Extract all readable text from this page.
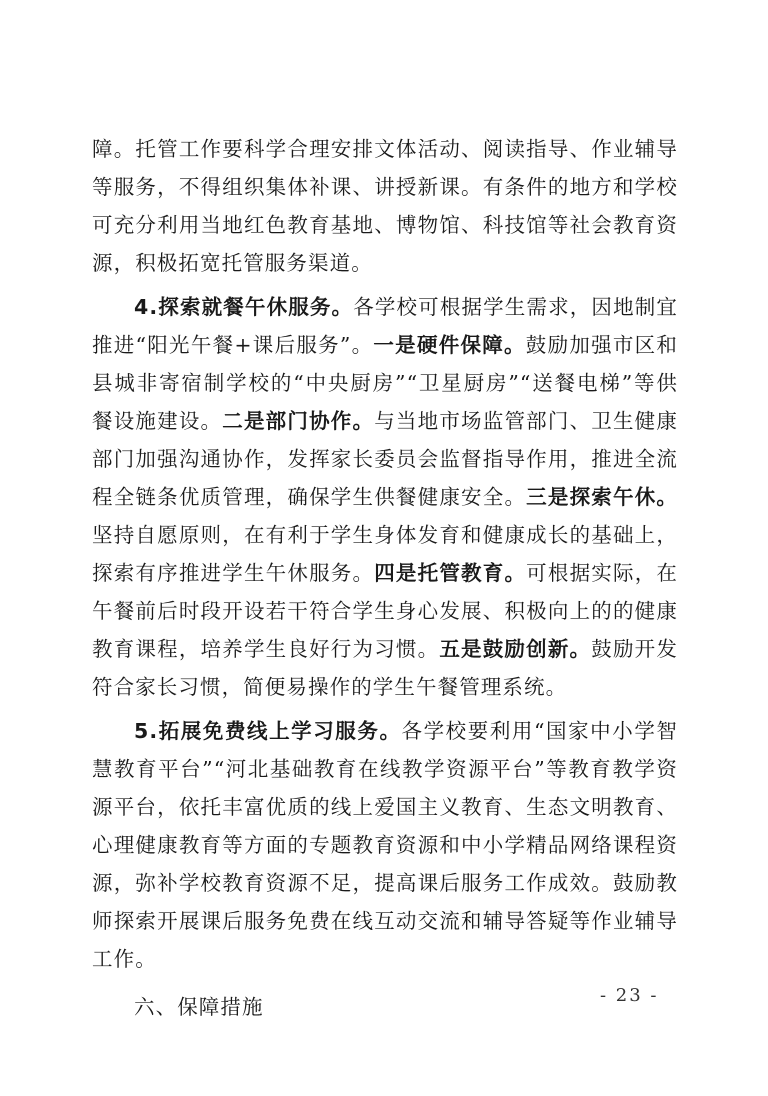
障。托管工作要科学合理安排文体活动、阅读指导、作业辅导等服务，不得组织集体补课、讲授新课。有条件的地方和学校可充分利用当地红色教育基地、博物馆、科技馆等社会教育资源，积极拓宽托管服务渠道。

4.探索就餐午休服务。各学校可根据学生需求，因地制宜推进“阳光午餐+课后服务”。一是硬件保障。鼓励加强市区和县城非寄宿制学校的“中央厨房”“卫星厨房”“送餐电梯”等供餐设施建设。二是部门协作。与当地市场监管部门、卫生健康部门加强沟通协作，发挥家长委员会监督指导作用，推进全流程全链条优质管理，确保学生供餐健康安全。三是探索午休。坚持自愿原则，在有利于学生身体发育和健康成长的基础上，探索有序推进学生午休服务。四是托管教育。可根据实际，在午餐前后时段开设若干符合学生身心发展、积极向上的的健康教育课程，培养学生良好行为习惯。五是鼓励创新。鼓励开发符合家长习惯，简便易操作的学生午餐管理系统。

5.拓展免费线上学习服务。各学校要利用“国家中小学智慧教育平台”“河北基础教育在线教学资源平台”等教育教学资源平台，依托丰富优质的线上爱国主义教育、生态文明教育、心理健康教育等方面的专题教育资源和中小学精品网络课程资源，弥补学校教育资源不足，提高课后服务工作成效。鼓励教师探索开展课后服务免费在线互动交流和辅导答疑等作业辅导工作。

六、保障措施	- 23 -
